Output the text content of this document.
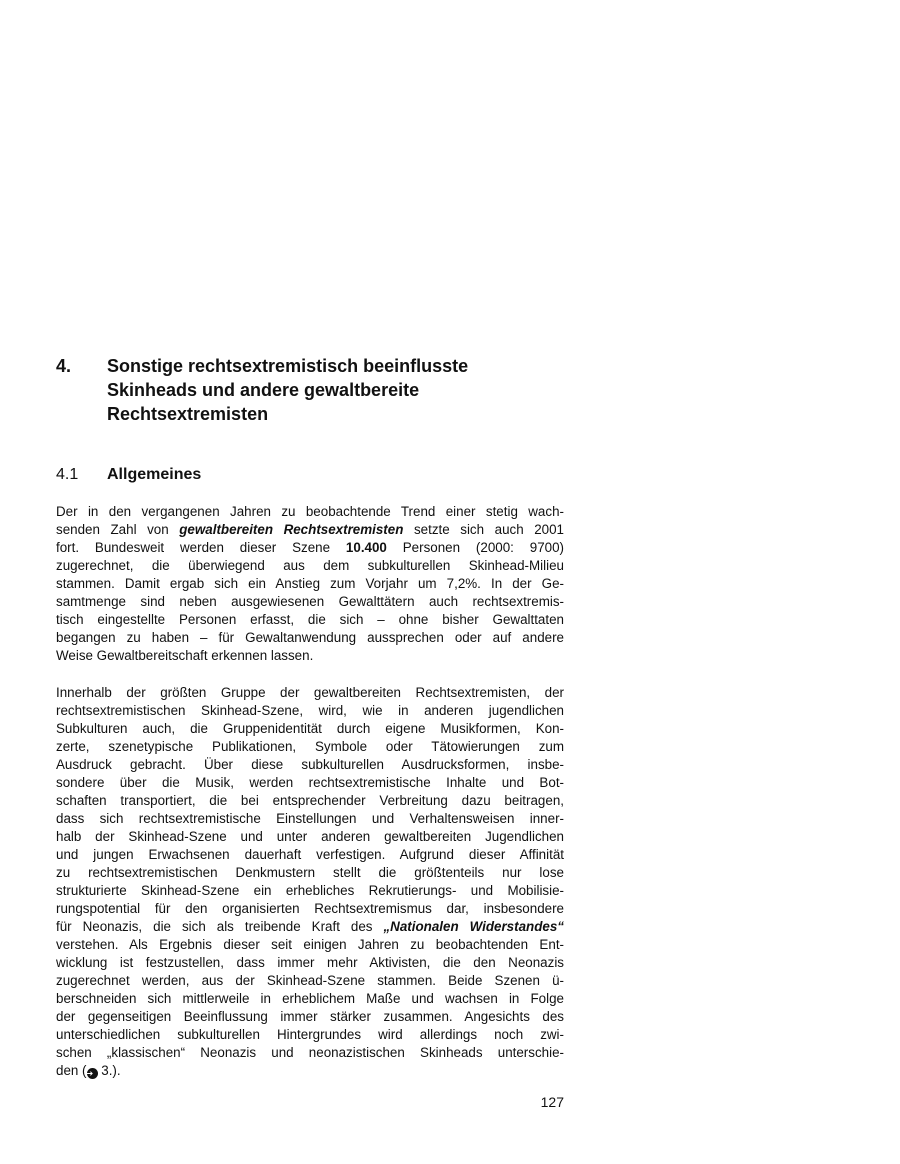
4.	Sonstige rechtsextremistisch beeinflusste
Skinheads und andere gewaltbereite
Rechtsextremisten
4.1	Allgemeines
Der in den vergangenen Jahren zu beobachtende Trend einer stetig wach-
senden Zahl von gewaltbereiten Rechtsextremisten setzte sich auch 2001
fort. Bundesweit werden dieser Szene 10.400 Personen (2000: 9700)
zugerechnet, die überwiegend aus dem subkulturellen Skinhead-Milieu
stammen. Damit ergab sich ein Anstieg zum Vorjahr um 7,2%. In der Ge-
samtmenge sind neben ausgewiesenen Gewalttätern auch rechtsextremis-
tisch eingestellte Personen erfasst, die sich – ohne bisher Gewalttaten
begangen zu haben – für Gewaltanwendung aussprechen oder auf andere
Weise Gewaltbereitschaft erkennen lassen.
Innerhalb der größten Gruppe der gewaltbereiten Rechtsextremisten, der
rechtsextremistischen Skinhead-Szene, wird, wie in anderen jugendlichen
Subkulturen auch, die Gruppenidentität durch eigene Musikformen, Kon-
zerte, szenetypische Publikationen, Symbole oder Tätowierungen zum
Ausdruck gebracht. Über diese subkulturellen Ausdrucksformen, insbe-
sondere über die Musik, werden rechtsextremistische Inhalte und Bot-
schaften transportiert, die bei entsprechender Verbreitung dazu beitragen,
dass sich rechtsextremistische Einstellungen und Verhaltensweisen inner-
halb der Skinhead-Szene und unter anderen gewaltbereiten Jugendlichen
und jungen Erwachsenen dauerhaft verfestigen. Aufgrund dieser Affinität
zu rechtsextremistischen Denkmustern stellt die größtenteils nur lose
strukturierte Skinhead-Szene ein erhebliches Rekrutierungs- und Mobilisie-
rungspotential für den organisierten Rechtsextremismus dar, insbesondere
für Neonazis, die sich als treibende Kraft des „Nationalen Widerstandes“
verstehen. Als Ergebnis dieser seit einigen Jahren zu beobachtenden Ent-
wicklung ist festzustellen, dass immer mehr Aktivisten, die den Neonazis
zugerechnet werden, aus der Skinhead-Szene stammen. Beide Szenen ü-
berschneiden sich mittlerweile in erheblichem Maße und wachsen in Folge
der gegenseitigen Beeinflussung immer stärker zusammen. Angesichts des
unterschiedlichen subkulturellen Hintergrundes wird allerdings noch zwi-
schen „klassischen“ Neonazis und neonazistischen Skinheads unterschie-
den (➔ 3.).
127
